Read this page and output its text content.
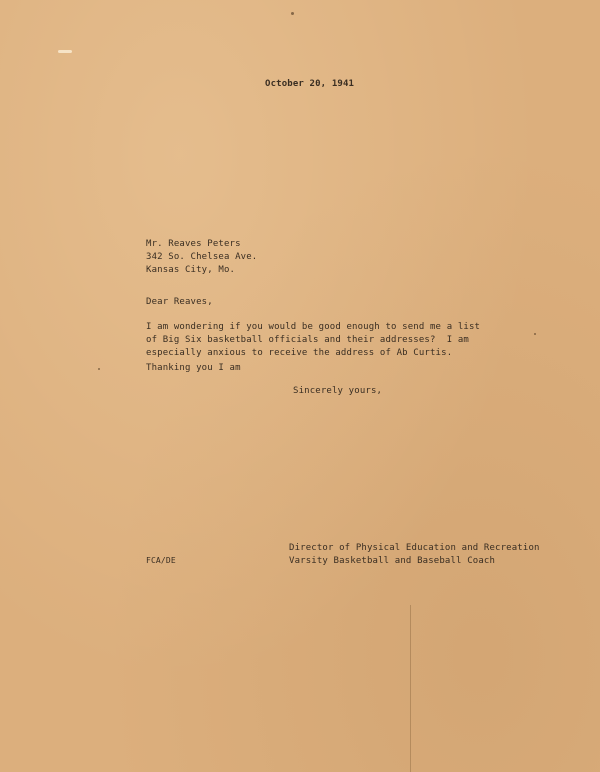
October 20, 1941
Mr. Reaves Peters
342 So. Chelsea Ave.
Kansas City, Mo.
Dear Reaves,
I am wondering if you would be good enough to send me a list
of Big Six basketball officials and their addresses?  I am
especially anxious to receive the address of Ab Curtis.
Thanking you I am
Sincerely yours,
Director of Physical Education and Recreation
Varsity Basketball and Baseball Coach
FCA/DE
